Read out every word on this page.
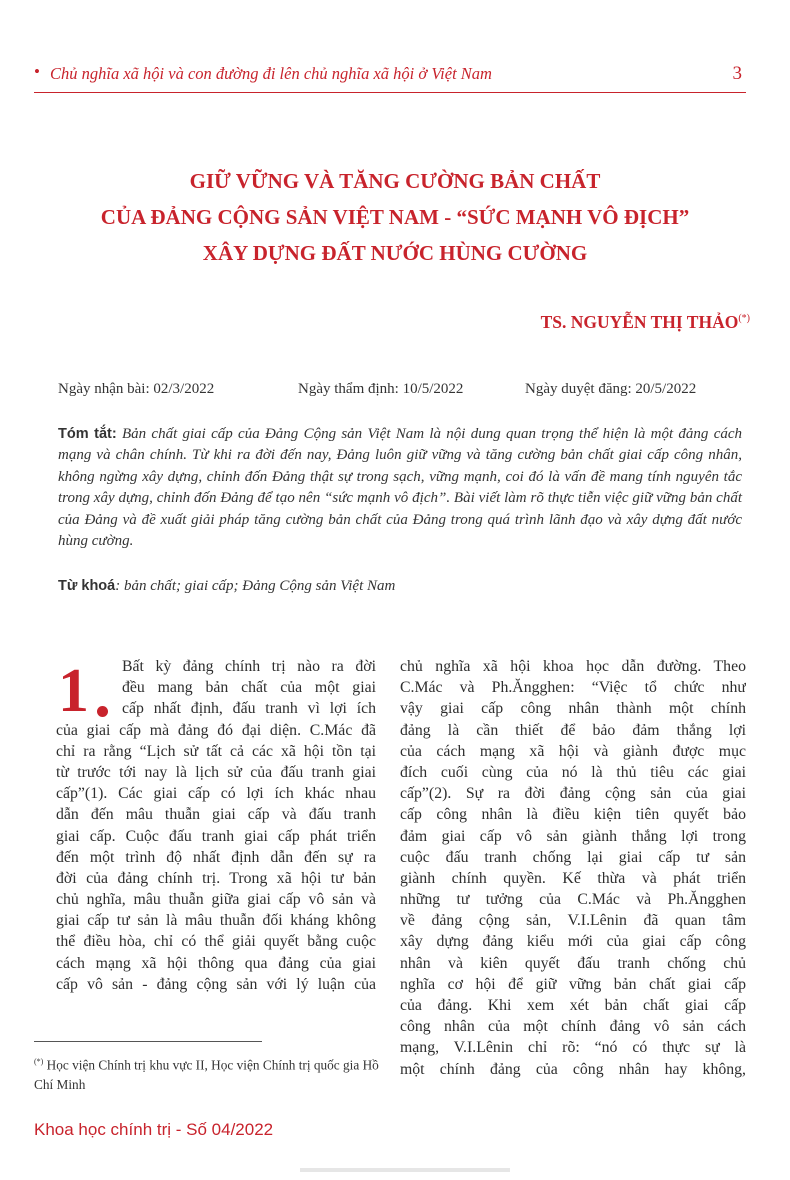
• Chủ nghĩa xã hội và con đường đi lên chủ nghĩa xã hội ở Việt Nam	3
GIỮ VỮNG VÀ TĂNG CƯỜNG BẢN CHẤT
CỦA ĐẢNG CỘNG SẢN VIỆT NAM - “SỨC MẠNH VÔ ĐỊCH”
XÂY DỰNG ĐẤT NƯỚC HÙNG CƯỜNG
TS. NGUYỄN THỊ THẢO(*)
Ngày nhận bài: 02/3/2022	Ngày thẩm định: 10/5/2022	Ngày duyệt đăng: 20/5/2022
Tóm tắt: Bản chất giai cấp của Đảng Cộng sản Việt Nam là nội dung quan trọng thể hiện là một đảng cách mạng và chân chính. Từ khi ra đời đến nay, Đảng luôn giữ vững và tăng cường bản chất giai cấp công nhân, không ngừng xây dựng, chỉnh đốn Đảng thật sự trong sạch, vững mạnh, coi đó là vấn đề mang tính nguyên tắc trong xây dựng, chỉnh đốn Đảng để tạo nên “sức mạnh vô địch”. Bài viết làm rõ thực tiễn việc giữ vững bản chất của Đảng và đề xuất giải pháp tăng cường bản chất của Đảng trong quá trình lãnh đạo và xây dựng đất nước hùng cường.
Từ khoá: bản chất; giai cấp; Đảng Cộng sản Việt Nam
1	Bất kỳ đảng chính trị nào ra đời
đều mang bản chất của một giai
cấp nhất định, đấu tranh vì lợi ích
của giai cấp mà đảng đó đại diện. C.Mác đã
chỉ ra rằng “Lịch sử tất cả các xã hội tồn tại
từ trước tới nay là lịch sử của đấu tranh giai
cấp”(1). Các giai cấp có lợi ích khác nhau
dẫn đến mâu thuẫn giai cấp và đấu tranh
giai cấp. Cuộc đấu tranh giai cấp phát triển
đến một trình độ nhất định dẫn đến sự ra
đời của đảng chính trị. Trong xã hội tư bản
chủ nghĩa, mâu thuẫn giữa giai cấp vô sản và
giai cấp tư sản là mâu thuẫn đối kháng không
thể điều hòa, chỉ có thể giải quyết bằng cuộc
cách mạng xã hội thông qua đảng của giai
cấp vô sản - đảng cộng sản với lý luận của
chủ nghĩa xã hội khoa học dẫn đường. Theo
C.Mác và Ph.Ăngghen: “Việc tổ chức như
vậy giai cấp công nhân thành một chính
đảng là cần thiết để bảo đảm thắng lợi
của cách mạng xã hội và giành được mục
đích cuối cùng của nó là thủ tiêu các giai
cấp”(2). Sự ra đời đảng cộng sản của giai
cấp công nhân là điều kiện tiên quyết bảo
đảm giai cấp vô sản giành thắng lợi trong
cuộc đấu tranh chống lại giai cấp tư sản
giành chính quyền. Kế thừa và phát triển
những tư tưởng của C.Mác và Ph.Ăngghen
về đảng cộng sản, V.I.Lênin đã quan tâm
xây dựng đảng kiểu mới của giai cấp công
nhân và kiên quyết đấu tranh chống chủ
nghĩa cơ hội để giữ vững bản chất giai cấp
của đảng. Khi xem xét bản chất giai cấp
công nhân của một chính đảng vô sản cách
mạng, V.I.Lênin chỉ rõ: “nó có thực sự là
một chính đảng của công nhân hay không,
(*) Học viện Chính trị khu vực II, Học viện Chính trị quốc gia Hồ Chí Minh
Khoa học chính trị - Số 04/2022
